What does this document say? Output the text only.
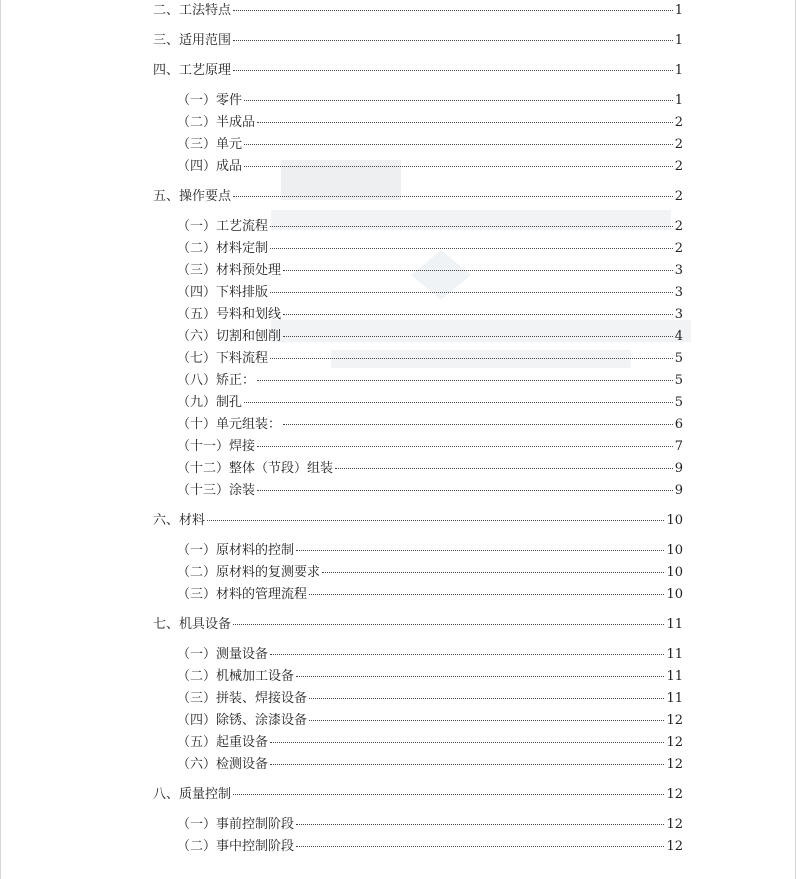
二、工法特点	1
三、适用范围	1
四、工艺原理	1
（一）零件	1
（二）半成品	2
（三）单元	2
（四）成品	2
五、操作要点	2
（一）工艺流程	2
（二）材料定制	2
（三）材料预处理	3
（四）下料排版	3
（五）号料和划线	3
（六）切割和刨削	4
（七）下料流程	5
（八）矫正：	5
（九）制孔	5
（十）单元组装：	6
（十一）焊接	7
（十二）整体（节段）组装	9
（十三）涂装	9
六、材料	10
（一）原材料的控制	10
（二）原材料的复测要求	10
（三）材料的管理流程	10
七、机具设备	11
（一）测量设备	11
（二）机械加工设备	11
（三）拼装、焊接设备	11
（四）除锈、涂漆设备	12
（五）起重设备	12
（六）检测设备	12
八、质量控制	12
（一）事前控制阶段	12
（二）事中控制阶段	12
